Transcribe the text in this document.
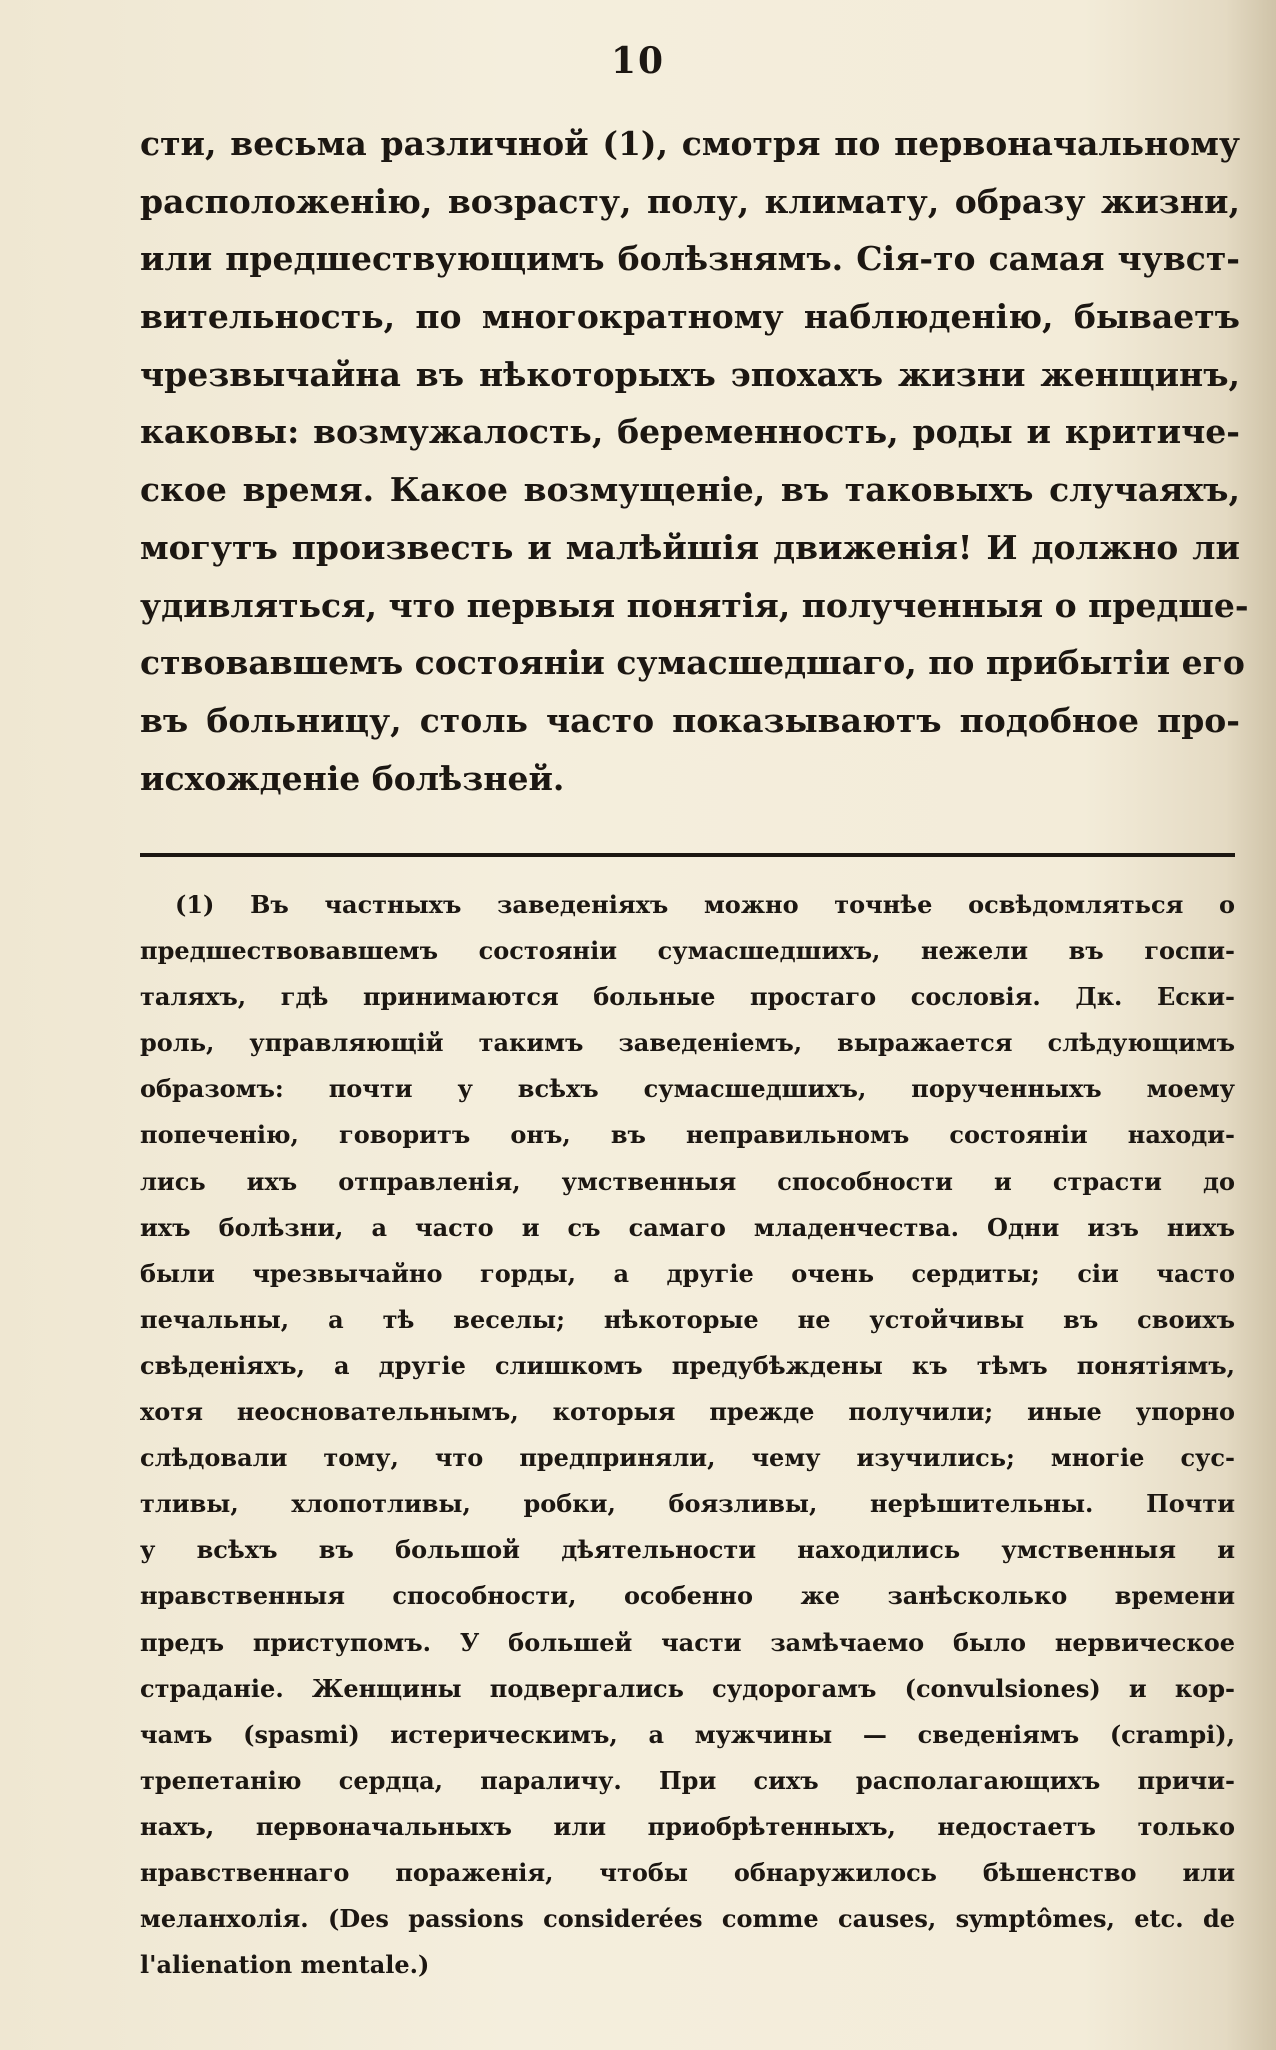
10
сти, весьма различной (1), смотря по первоначальному
расположенію, возрасту, полу, климату, образу жизни,
или предшествующимъ болѣзнямъ. Сія-то самая чувст-
вительность, по многократному наблюденію, бываетъ
чрезвычайна въ нѣкоторыхъ эпохахъ жизни женщинъ,
каковы: возмужалость, беременность, роды и критиче-
ское время. Какое возмущеніе, въ таковыхъ случаяхъ,
могутъ произвесть и малѣйшія движенія! И должно ли
удивляться, что первыя понятія, полученныя о предше-
ствовавшемъ состояніи сумасшедшаго, по прибытіи его
въ больницу, столь часто показываютъ подобное про-
исхожденіе болѣзней.
(1) Въ частныхъ заведеніяхъ можно точнѣе освѣдомляться о
предшествовавшемъ состояніи сумасшедшихъ, нежели въ госпи-
таляхъ, гдѣ принимаются больные простаго сословія. Дк. Ески-
роль, управляющій такимъ заведеніемъ, выражается слѣдующимъ
образомъ: почти у всѣхъ сумасшедшихъ, порученныхъ моему
попеченію, говоритъ онъ, въ неправильномъ состояніи находи-
лись ихъ отправленія, умственныя способности и страсти до
ихъ болѣзни, а часто и съ самаго младенчества. Одни изъ нихъ
были чрезвычайно горды, а другіе очень сердиты; сіи часто
печальны, а тѣ веселы; нѣкоторые не устойчивы въ своихъ
свѣденіяхъ, а другіе слишкомъ предубѣждены къ тѣмъ понятіямъ,
хотя неосновательнымъ, которыя прежде получили; иные упорно
слѣдовали тому, что предприняли, чему изучились; многіе сус-
тливы, хлопотливы, робки, боязливы, нерѣшительны. Почти
у всѣхъ въ большой дѣятельности находились умственныя и
нравственныя способности, особенно же занѣсколько времени
предъ приступомъ. У большей части замѣчаемо было нервическое
страданіе. Женщины подвергались судорогамъ (convulsiones) и кор-
чамъ (spasmi) истерическимъ, а мужчины — сведеніямъ (crampi),
трепетанію сердца, параличу. При сихъ располагающихъ причи-
нахъ, первоначальныхъ или приобрѣтенныхъ, недостаетъ только
нравственнаго пораженія, чтобы обнаружилось бѣшенство или
меланхолія. (Des passions considerées comme causes, symptômes, etc. de
l'alienation mentale.)
